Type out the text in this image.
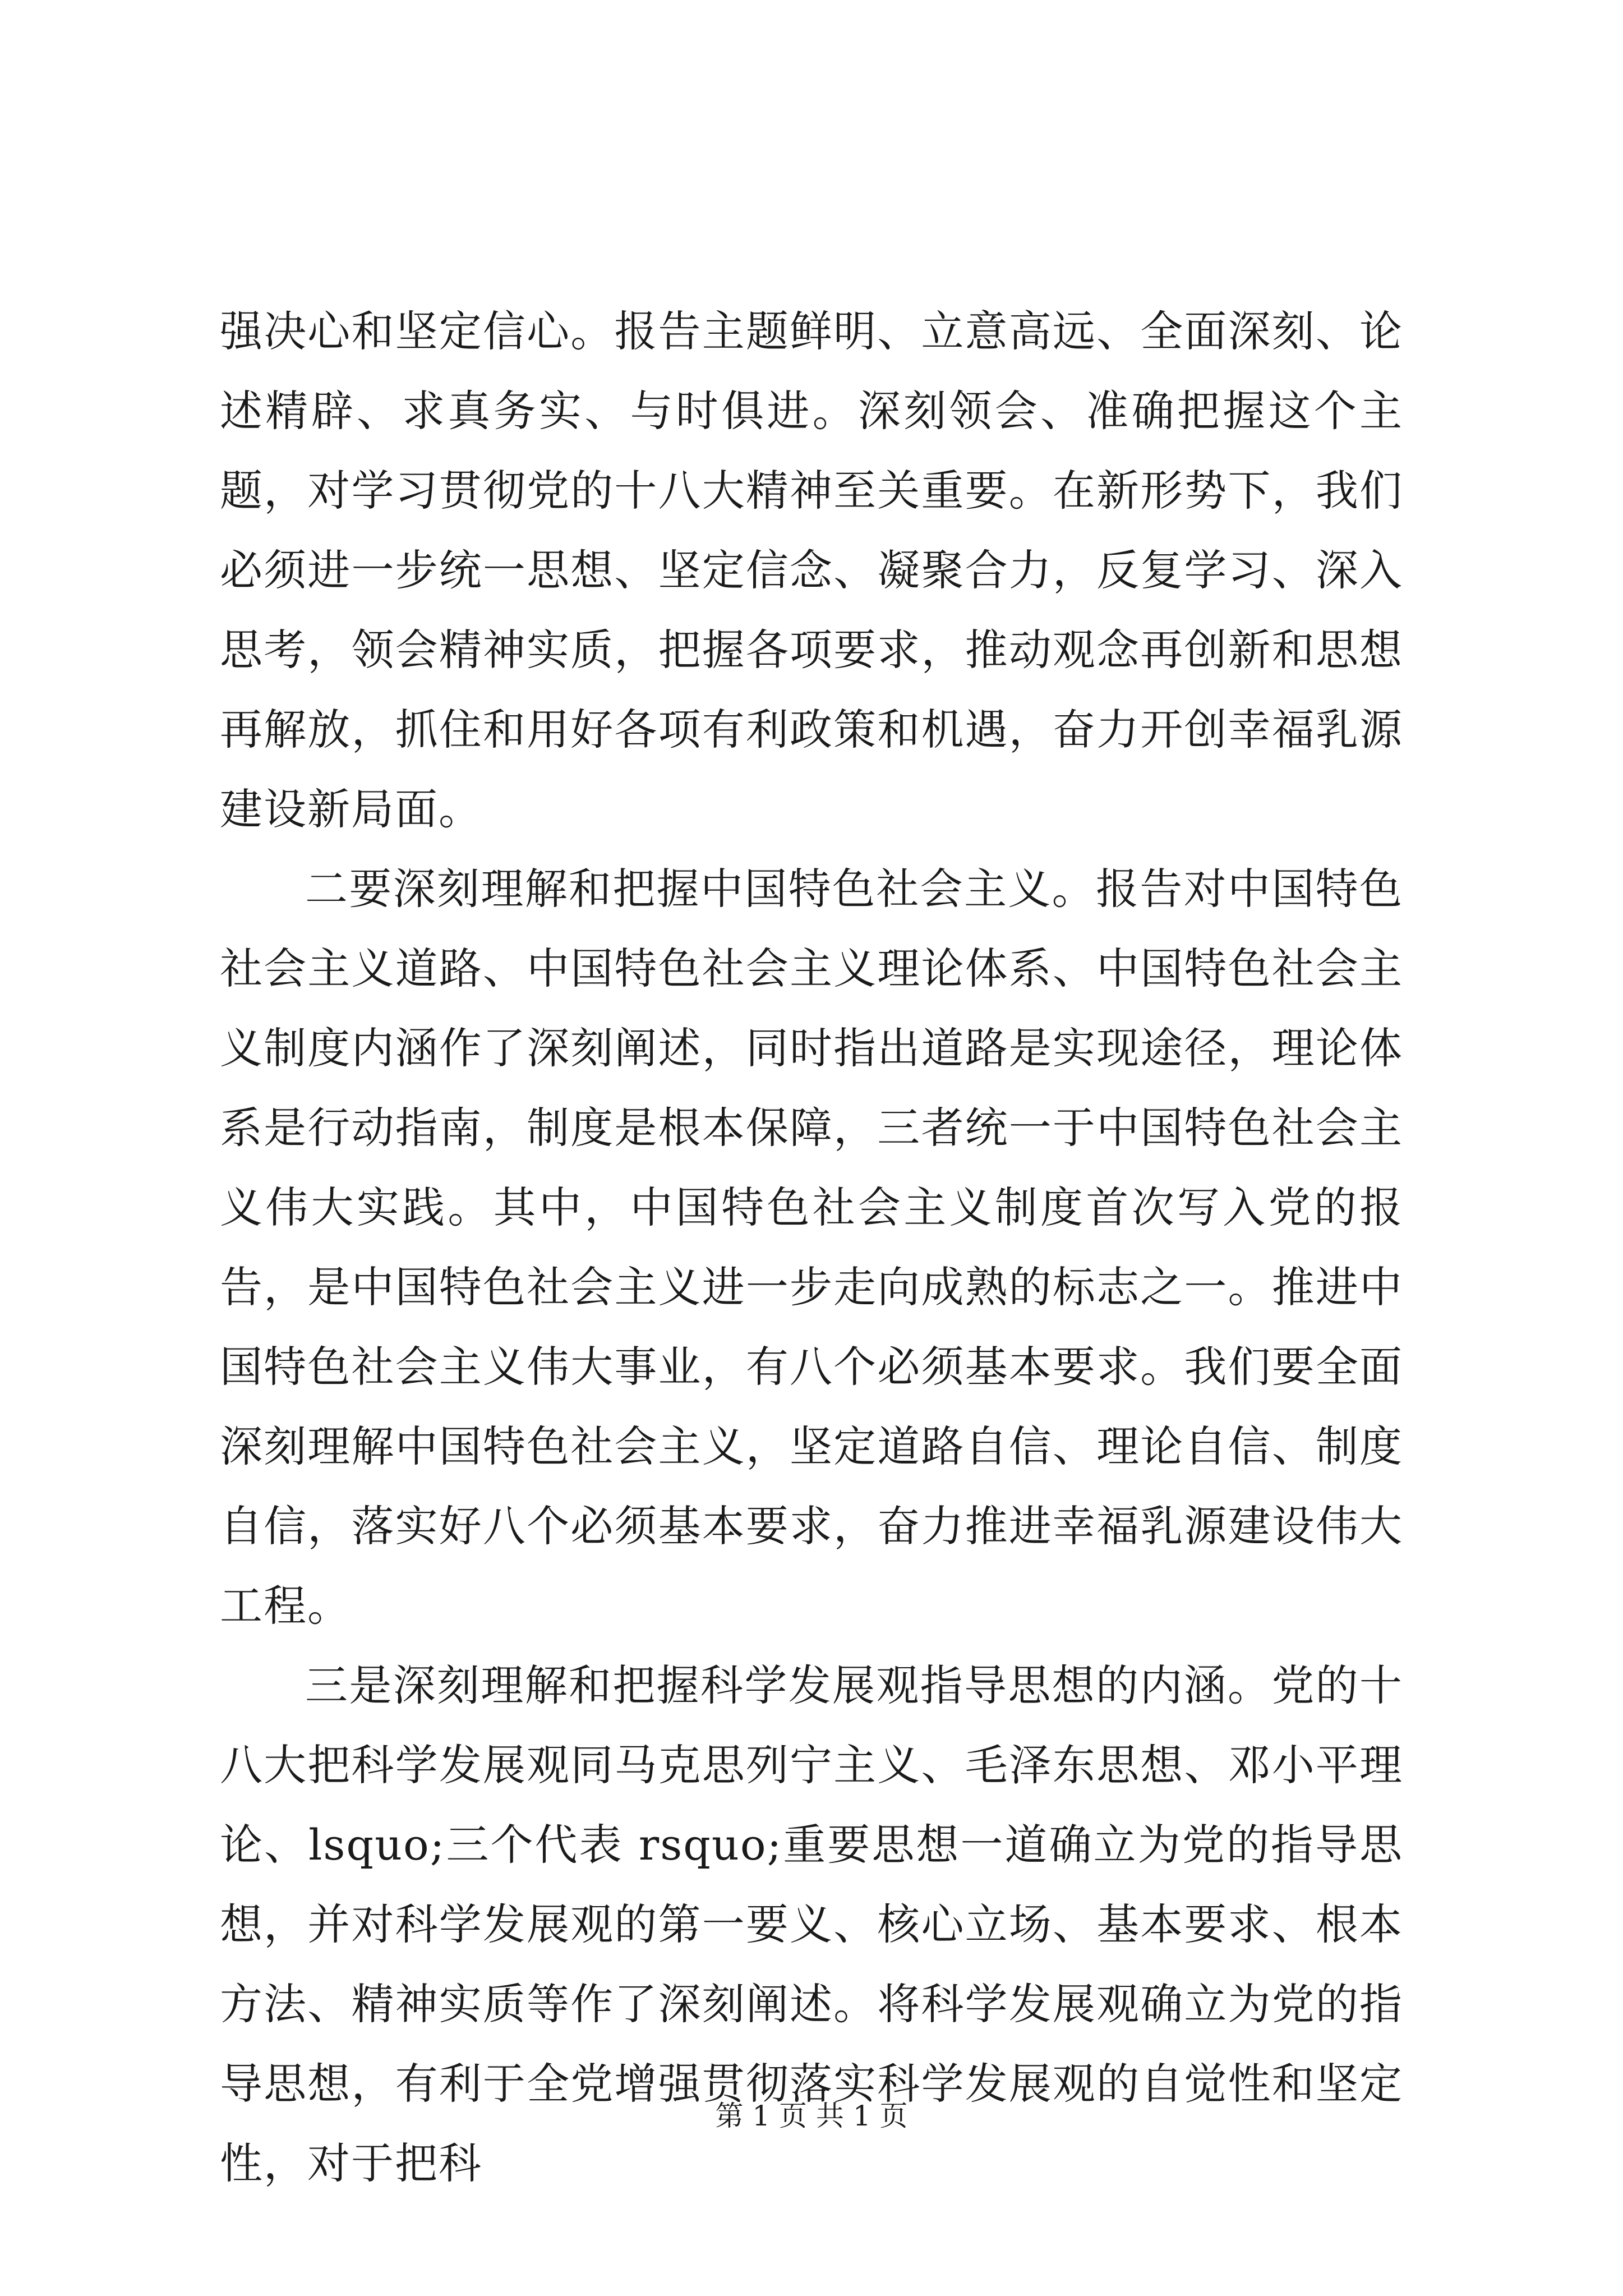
强决心和坚定信心。报告主题鲜明、立意高远、全面深刻、论述精辟、求真务实、与时俱进。深刻领会、准确把握这个主题，对学习贯彻党的十八大精神至关重要。在新形势下，我们必须进一步统一思想、坚定信念、凝聚合力，反复学习、深入思考，领会精神实质，把握各项要求，推动观念再创新和思想再解放，抓住和用好各项有利政策和机遇，奋力开创幸福乳源建设新局面。

二要深刻理解和把握中国特色社会主义。报告对中国特色社会主义道路、中国特色社会主义理论体系、中国特色社会主义制度内涵作了深刻阐述，同时指出道路是实现途径，理论体系是行动指南，制度是根本保障，三者统一于中国特色社会主义伟大实践。其中，中国特色社会主义制度首次写入党的报告，是中国特色社会主义进一步走向成熟的标志之一。推进中国特色社会主义伟大事业，有八个必须基本要求。我们要全面深刻理解中国特色社会主义，坚定道路自信、理论自信、制度自信，落实好八个必须基本要求，奋力推进幸福乳源建设伟大工程。

三是深刻理解和把握科学发展观指导思想的内涵。党的十八大把科学发展观同马克思列宁主义、毛泽东思想、邓小平理论、lsquo;三个代表 rsquo;重要思想一道确立为党的指导思想，并对科学发展观的第一要义、核心立场、基本要求、根本方法、精神实质等作了深刻阐述。将科学发展观确立为党的指导思想，有利于全党增强贯彻落实科学发展观的自觉性和坚定性，对于把科

第 1 页 共 1 页
